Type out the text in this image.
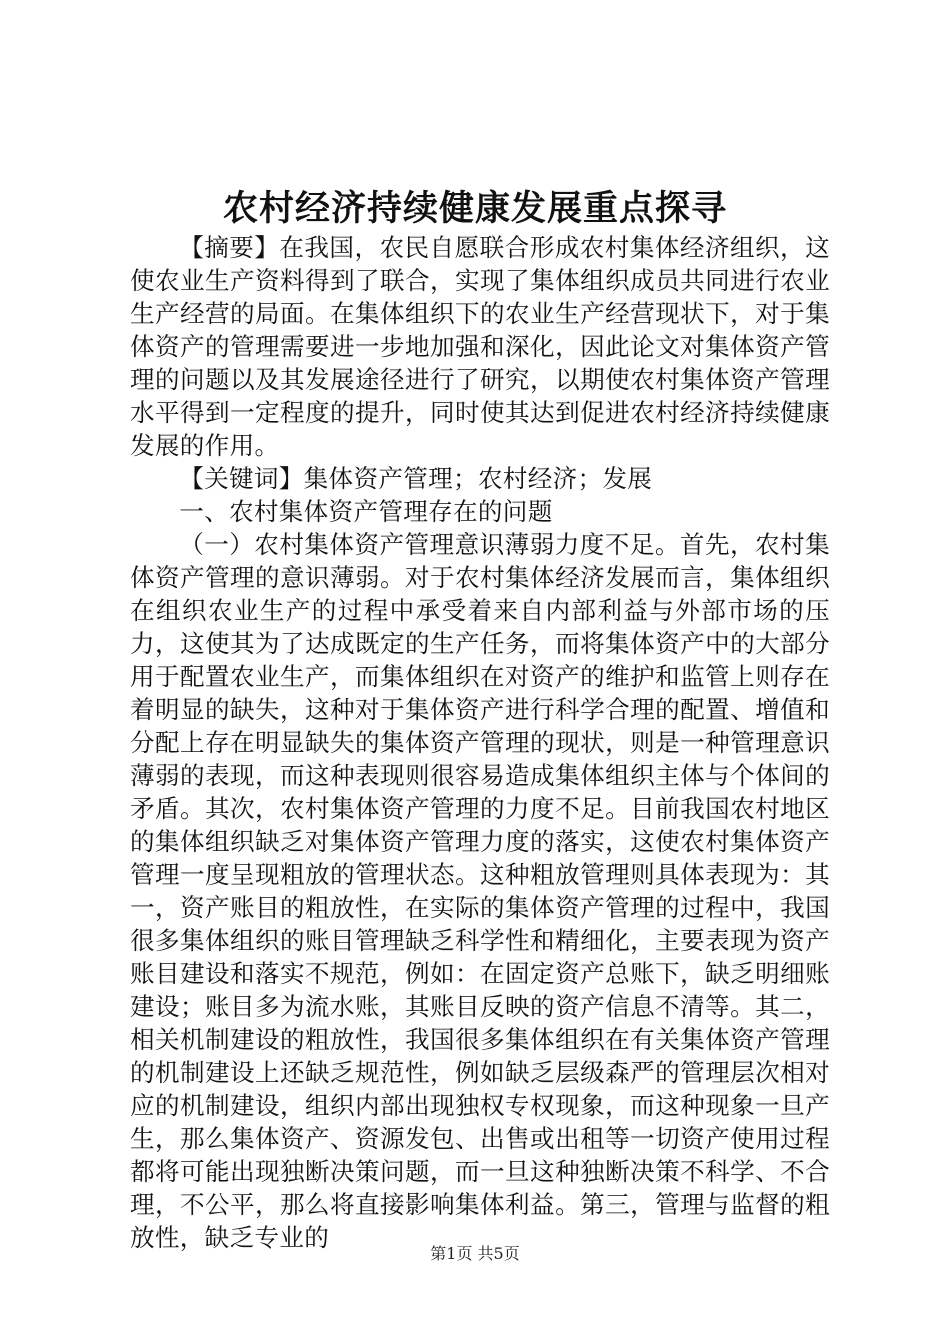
农村经济持续健康发展重点探寻

【摘要】在我国，农民自愿联合形成农村集体经济组织，这使农业生产资料得到了联合，实现了集体组织成员共同进行农业生产经营的局面。在集体组织下的农业生产经营现状下，对于集体资产的管理需要进一步地加强和深化，因此论文对集体资产管理的问题以及其发展途径进行了研究，以期使农村集体资产管理水平得到一定程度的提升，同时使其达到促进农村经济持续健康发展的作用。

【关键词】集体资产管理；农村经济；发展

一、农村集体资产管理存在的问题

（一）农村集体资产管理意识薄弱力度不足。首先，农村集体资产管理的意识薄弱。对于农村集体经济发展而言，集体组织在组织农业生产的过程中承受着来自内部利益与外部市场的压力，这使其为了达成既定的生产任务，而将集体资产中的大部分用于配置农业生产，而集体组织在对资产的维护和监管上则存在着明显的缺失，这种对于集体资产进行科学合理的配置、增值和分配上存在明显缺失的集体资产管理的现状，则是一种管理意识薄弱的表现，而这种表现则很容易造成集体组织主体与个体间的矛盾。其次，农村集体资产管理的力度不足。目前我国农村地区的集体组织缺乏对集体资产管理力度的落实，这使农村集体资产管理一度呈现粗放的管理状态。这种粗放管理则具体表现为：其一，资产账目的粗放性，在实际的集体资产管理的过程中，我国很多集体组织的账目管理缺乏科学性和精细化，主要表现为资产账目建设和落实不规范，例如：在固定资产总账下，缺乏明细账建设；账目多为流水账，其账目反映的资产信息不清等。其二，相关机制建设的粗放性，我国很多集体组织在有关集体资产管理的机制建设上还缺乏规范性，例如缺乏层级森严的管理层次相对应的机制建设，组织内部出现独权专权现象，而这种现象一旦产生，那么集体资产、资源发包、出售或出租等一切资产使用过程都将可能出现独断决策问题，而一旦这种独断决策不科学、不合理，不公平，那么将直接影响集体利益。第三，管理与监督的粗放性，缺乏专业的

第1页 共5页
